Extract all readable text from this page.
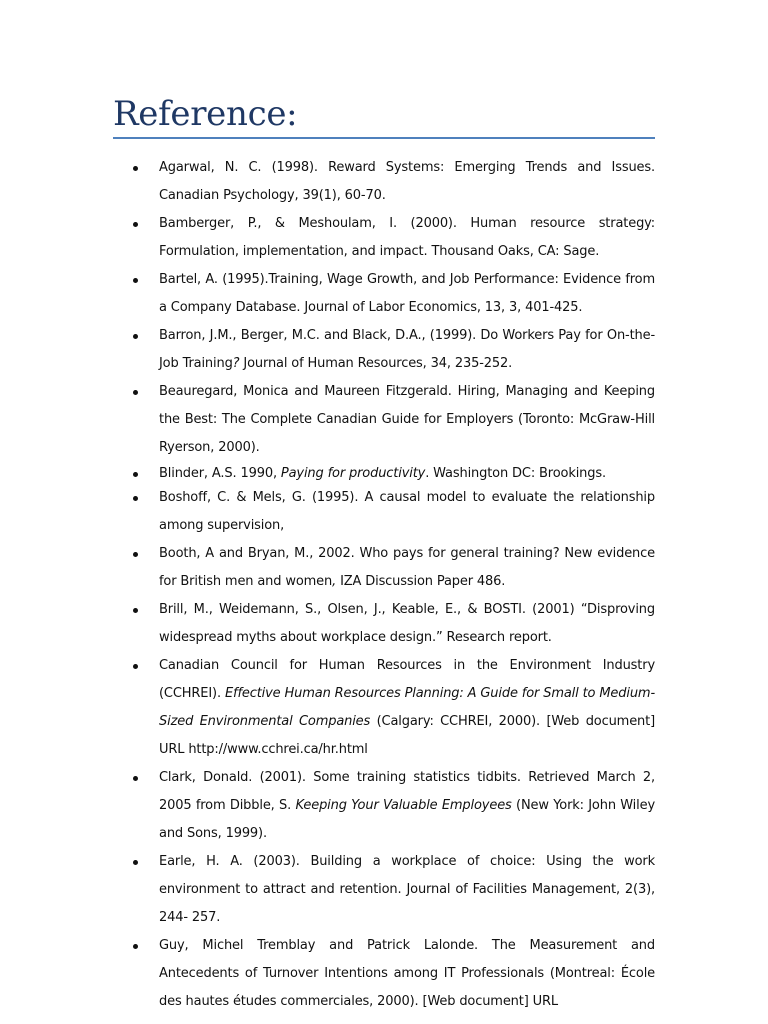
Reference:
Agarwal, N. C. (1998). Reward Systems: Emerging Trends and Issues. Canadian Psychology, 39(1), 60-70.
Bamberger, P., & Meshoulam, I. (2000). Human resource strategy: Formulation, implementation, and impact. Thousand Oaks, CA: Sage.
Bartel, A. (1995).Training, Wage Growth, and Job Performance: Evidence from a Company Database. Journal of Labor Economics, 13, 3, 401-425.
Barron, J.M., Berger, M.C. and Black, D.A., (1999). Do Workers Pay for On-the-Job Training? Journal of Human Resources, 34, 235-252.
Beauregard, Monica and Maureen Fitzgerald. Hiring, Managing and Keeping the Best: The Complete Canadian Guide for Employers (Toronto: McGraw-Hill Ryerson, 2000).
Blinder, A.S. 1990, Paying for productivity. Washington DC: Brookings.
Boshoff, C. & Mels, G. (1995). A causal model to evaluate the relationship among supervision,
Booth, A and Bryan, M., 2002. Who pays for general training? New evidence for British men and women, IZA Discussion Paper 486.
Brill, M., Weidemann, S., Olsen, J., Keable, E., & BOSTI. (2001) “Disproving widespread myths about workplace design.” Research report.
Canadian Council for Human Resources in the Environment Industry (CCHREI). Effective Human Resources Planning: A Guide for Small to Medium-Sized Environmental Companies (Calgary: CCHREI, 2000). [Web document] URL http://www.cchrei.ca/hr.html
Clark, Donald. (2001). Some training statistics tidbits. Retrieved March 2, 2005 from Dibble, S. Keeping Your Valuable Employees (New York: John Wiley and Sons, 1999).
Earle, H. A. (2003). Building a workplace of choice: Using the work environment to attract and retention. Journal of Facilities Management, 2(3), 244- 257.
Guy, Michel Tremblay and Patrick Lalonde. The Measurement and Antecedents of Turnover Intentions among IT Professionals (Montreal: École des hautes études commerciales, 2000). [Web document] URL
